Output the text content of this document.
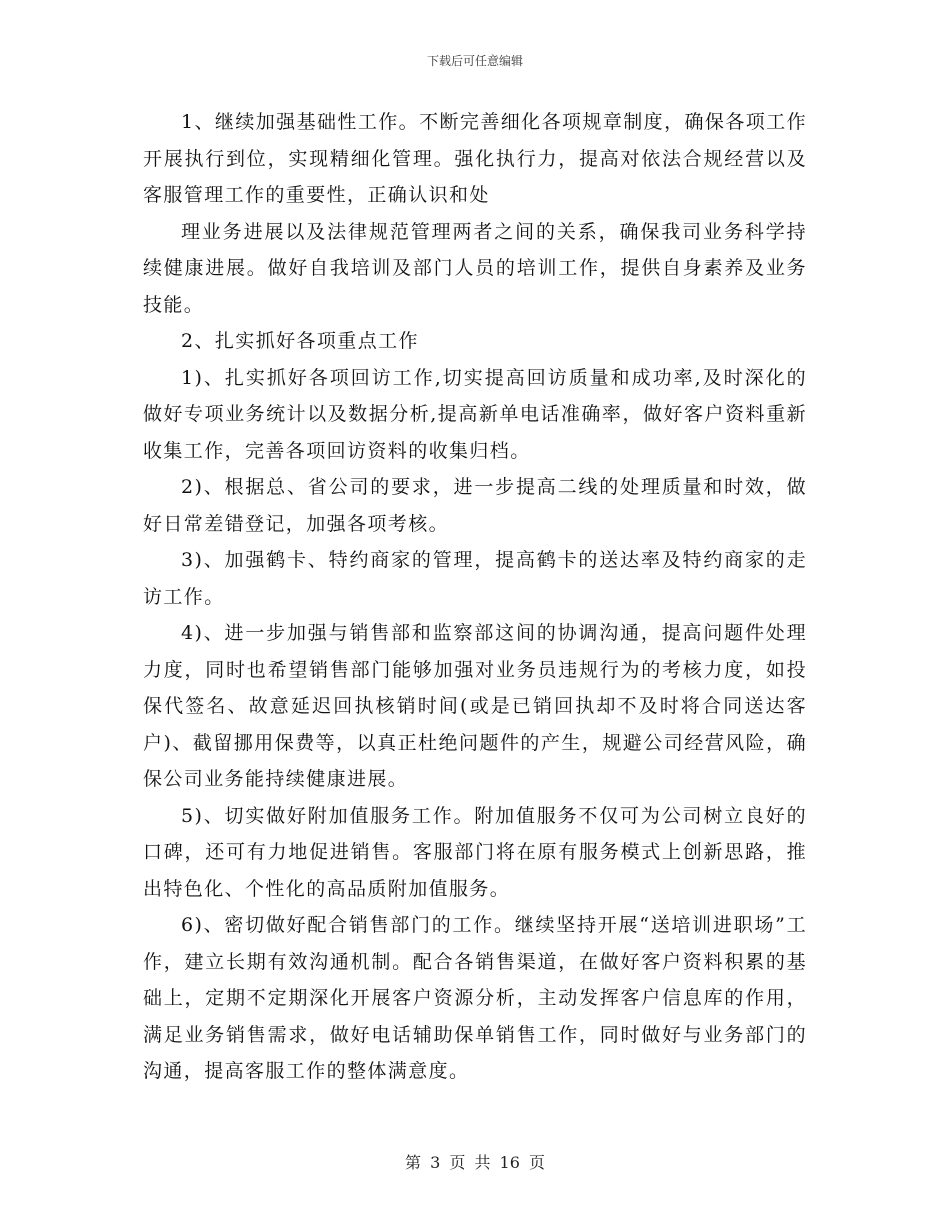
下载后可任意编辑

1、继续加强基础性工作。不断完善细化各项规章制度，确保各项工作开展执行到位，实现精细化管理。强化执行力，提高对依法合规经营以及客服管理工作的重要性，正确认识和处

理业务进展以及法律规范管理两者之间的关系，确保我司业务科学持续健康进展。做好自我培训及部门人员的培训工作，提供自身素养及业务技能。

2、扎实抓好各项重点工作

1)、扎实抓好各项回访工作,切实提高回访质量和成功率,及时深化的做好专项业务统计以及数据分析,提高新单电话准确率，做好客户资料重新收集工作，完善各项回访资料的收集归档。

2)、根据总、省公司的要求，进一步提高二线的处理质量和时效，做好日常差错登记，加强各项考核。

3)、加强鹤卡、特约商家的管理，提高鹤卡的送达率及特约商家的走访工作。

4)、进一步加强与销售部和监察部这间的协调沟通，提高问题件处理力度，同时也希望销售部门能够加强对业务员违规行为的考核力度，如投保代签名、故意延迟回执核销时间(或是已销回执却不及时将合同送达客户)、截留挪用保费等，以真正杜绝问题件的产生，规避公司经营风险，确保公司业务能持续健康进展。

5)、切实做好附加值服务工作。附加值服务不仅可为公司树立良好的口碑，还可有力地促进销售。客服部门将在原有服务模式上创新思路，推出特色化、个性化的高品质附加值服务。

6)、密切做好配合销售部门的工作。继续坚持开展“送培训进职场”工作，建立长期有效沟通机制。配合各销售渠道，在做好客户资料积累的基础上，定期不定期深化开展客户资源分析，主动发挥客户信息库的作用，满足业务销售需求，做好电话辅助保单销售工作，同时做好与业务部门的沟通，提高客服工作的整体满意度。

第 3 页 共 16 页
